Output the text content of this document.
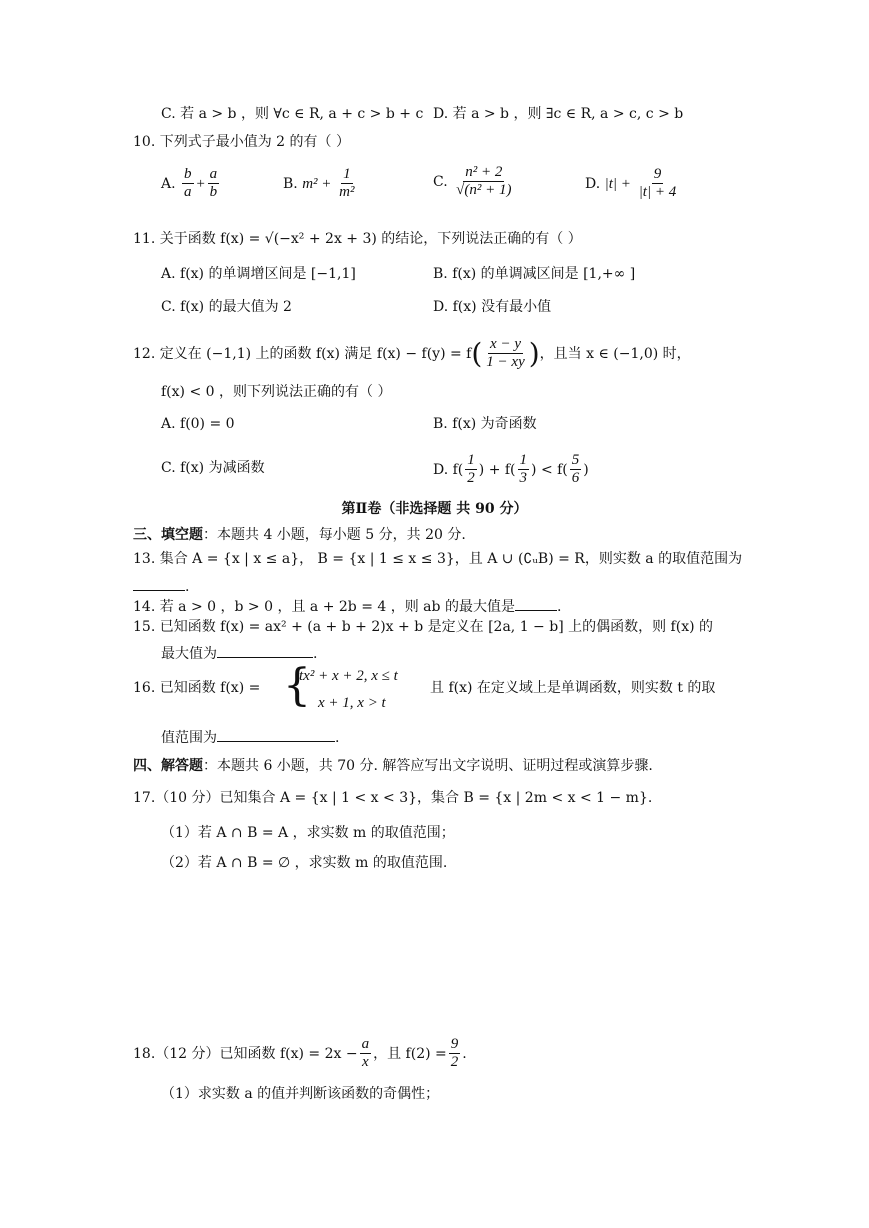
C. 若 a > b ，则 ∀c ∈ R, a + c > b + c D. 若 a > b ，则 ∃c ∈ R, a > c, c > b
10. 下列式子最小值为 2 的有（ ）
A. $\frac{b}{a} + \frac{a}{b}$	B. $m^2 + \frac{1}{\text{m²}}$	C. $\frac{\text{n² + 2}}{\text{√(n² + 1)}}$	D. $|t| + \frac{9}{|t| + 4}$
11. 关于函数 f(x) = √(−x² + 2x + 3) 的结论，下列说法正确的有（ ）
A. f(x) 的单调增区间是 [−1,1]	B. f(x) 的单调减区间是 [1,+∞ ]
C. f(x) 的最大值为 2	D. f(x) 没有最小值
12. 定义在 (−1,1) 上的函数 f(x) 满足 $f(x) - f(y) = f( \frac{x - y}{1 - xy}$ )，且当 x ∈ (−1,0) 时，
f(x) < 0 ，则下列说法正确的有（ ）
A. f(0) = 0	B. f(x) 为奇函数
C. f(x) 为减函数	D. $f( \frac{1}{2}$ ) + $f( \frac{1}{3}$ ) < $f( \frac{5}{6}$ )
第Ⅱ卷（非选择题 共 90 分）
三、填空题：本题共 4 小题，每小题 5 分，共 20 分.
13. 集合 A = {x | x ≤ a}， B = {x | 1 ≤ x ≤ 3}，且 A ∪ (∁ᵤB) = R，则实数 a 的取值范围为
.
14. 若 a > 0 ，b > 0 ，且 a + 2b = 4 ，则 ab 的最大值是	.
15. 已知函数 f(x) = ax² + (a + b + 2)x + b 是定义在 [2a, 1 − b] 上的偶函数，则 f(x) 的
最大值为	.
16. 已知函数 f(x) = {
tx² + x + 2, x ≤ t
x + 1, x > t
且 f(x) 在定义域上是单调函数，则实数 t 的取
值范围为	.
四、解答题：本题共 6 小题，共 70 分. 解答应写出文字说明、证明过程或演算步骤.
17.（10 分）已知集合 A = {x | 1 < x < 3}，集合 B = {x | 2m < x < 1 − m}.
（1）若 A ∩ B = A ，求实数 m 的取值范围；
（2）若 A ∩ B = ∅ ，求实数 m 的取值范围.
18.（12 分）已知函数 $f(x) = 2x - \frac{a}{x}$ ，且 $f(2) = \frac{9}{2}$ .
（1）求实数 a 的值并判断该函数的奇偶性；
